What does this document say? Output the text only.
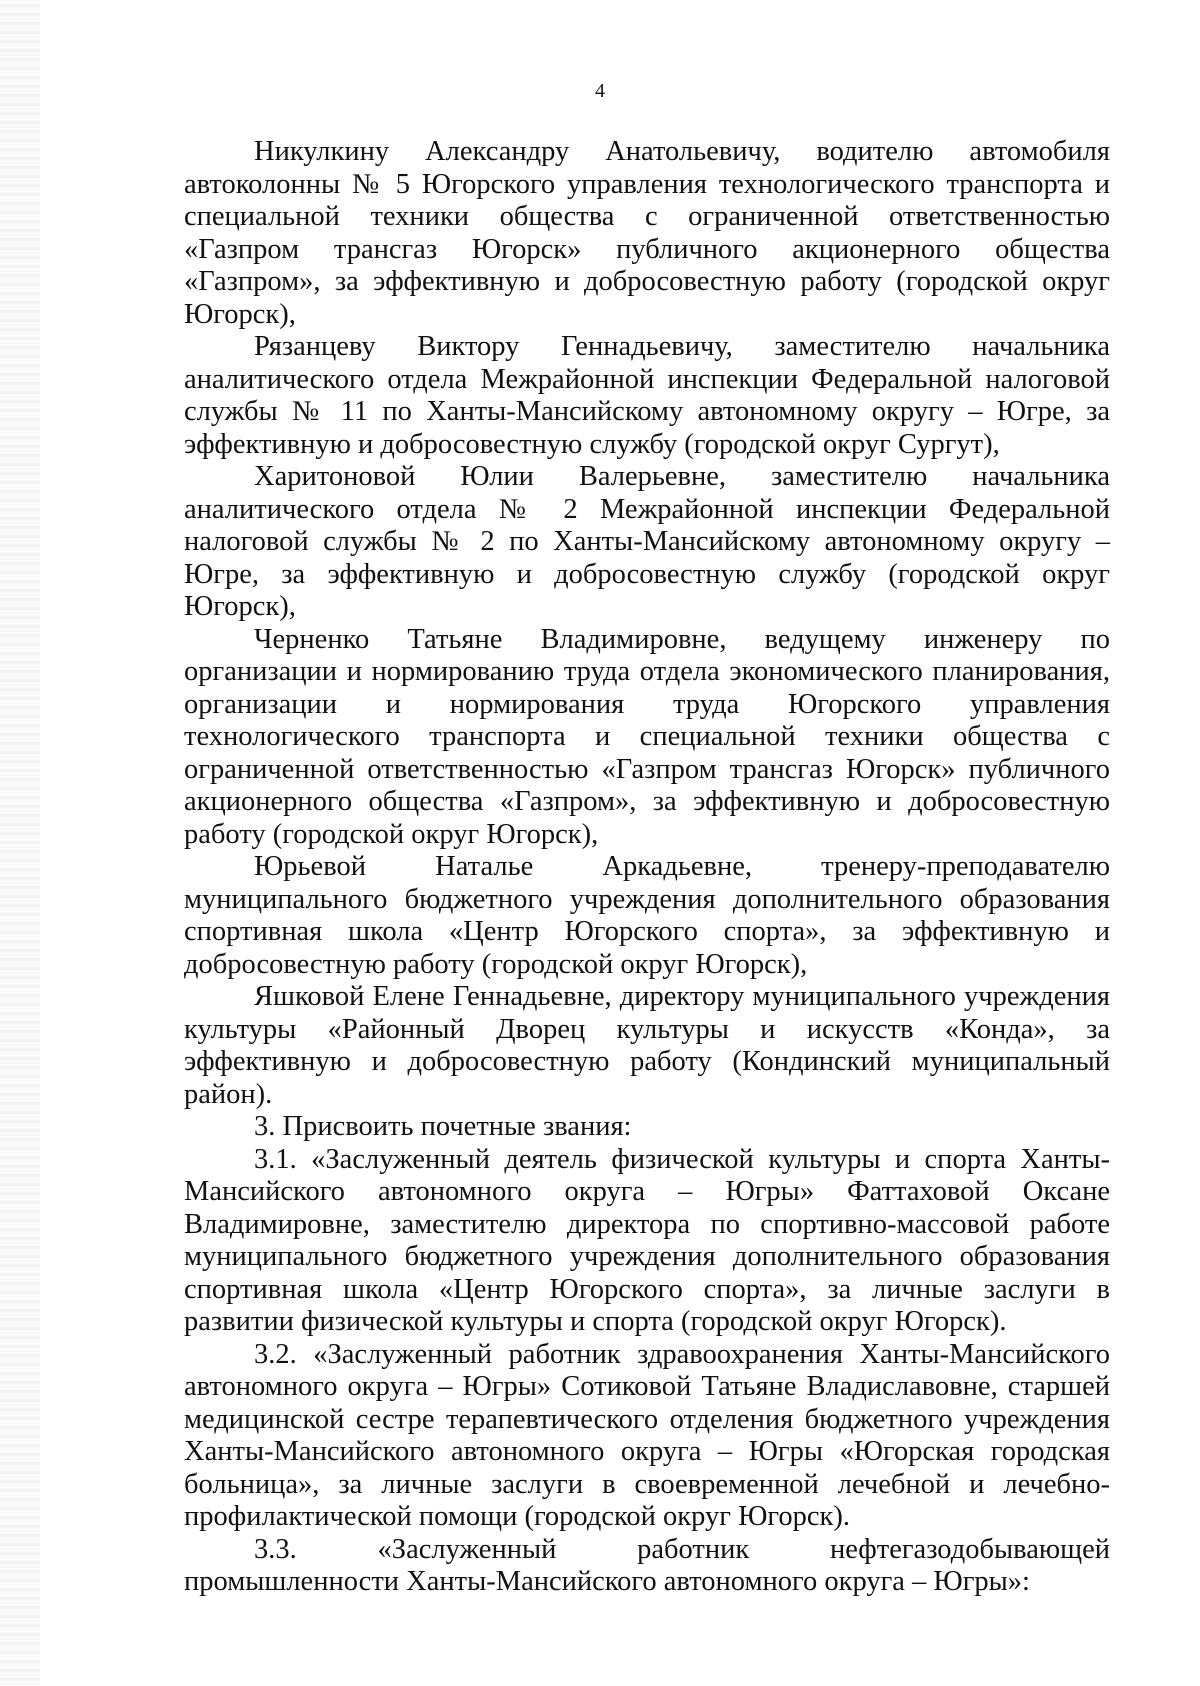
4

Никулкину Александру Анатольевичу, водителю автомобиля автоколонны № 5 Югорского управления технологического транспорта и специальной техники общества с ограниченной ответственностью «Газпром трансгаз Югорск» публичного акционерного общества «Газпром», за эффективную и добросовестную работу (городской округ Югорск),

Рязанцеву Виктору Геннадьевичу, заместителю начальника аналитического отдела Межрайонной инспекции Федеральной налоговой службы № 11 по Ханты-Мансийскому автономному округу – Югре, за эффективную и добросовестную службу (городской округ Сургут),

Харитоновой Юлии Валерьевне, заместителю начальника аналитического отдела № 2 Межрайонной инспекции Федеральной налоговой службы № 2 по Ханты-Мансийскому автономному округу – Югре, за эффективную и добросовестную службу (городской округ Югорск),

Черненко Татьяне Владимировне, ведущему инженеру по организации и нормированию труда отдела экономического планирования, организации и нормирования труда Югорского управления технологического транспорта и специальной техники общества с ограниченной ответственностью «Газпром трансгаз Югорск» публичного акционерного общества «Газпром», за эффективную и добросовестную работу (городской округ Югорск),

Юрьевой Наталье Аркадьевне, тренеру-преподавателю муниципального бюджетного учреждения дополнительного образования спортивная школа «Центр Югорского спорта», за эффективную и добросовестную работу (городской округ Югорск),

Яшковой Елене Геннадьевне, директору муниципального учреждения культуры «Районный Дворец культуры и искусств «Конда», за эффективную и добросовестную работу (Кондинский муниципальный район).

3. Присвоить почетные звания:

3.1. «Заслуженный деятель физической культуры и спорта Ханты-Мансийского автономного округа – Югры» Фаттаховой Оксане Владимировне, заместителю директора по спортивно-массовой работе муниципального бюджетного учреждения дополнительного образования спортивная школа «Центр Югорского спорта», за личные заслуги в развитии физической культуры и спорта (городской округ Югорск).

3.2. «Заслуженный работник здравоохранения Ханты-Мансийского автономного округа – Югры» Сотиковой Татьяне Владиславовне, старшей медицинской сестре терапевтического отделения бюджетного учреждения Ханты-Мансийского автономного округа – Югры «Югорская городская больница», за личные заслуги в своевременной лечебной и лечебно-профилактической помощи (городской округ Югорск).

3.3. «Заслуженный работник нефтегазодобывающей промышленности Ханты-Мансийского автономного округа – Югры»:
